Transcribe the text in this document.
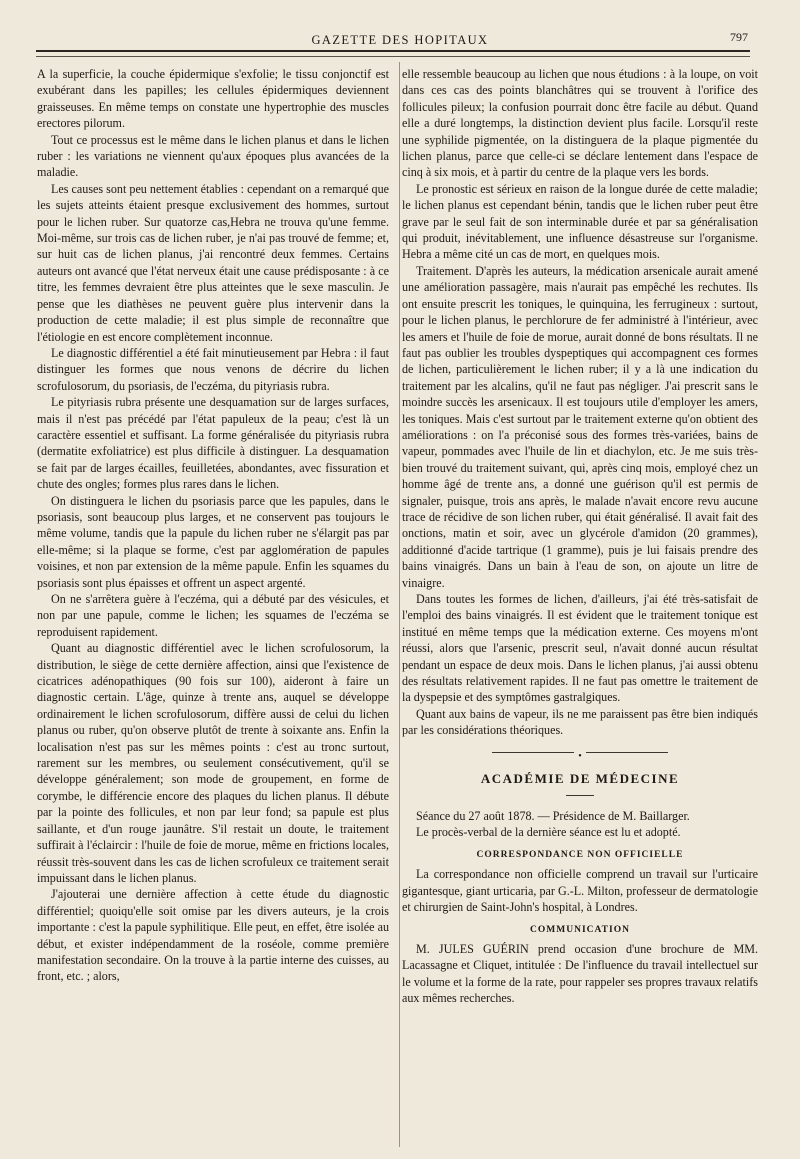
GAZETTE DES HOPITAUX	797

A la superficie, la couche épidermique s'exfolie; le tissu conjonctif est exubérant dans les papilles; les cellules épidermiques deviennent graisseuses. En même temps on constate une hypertrophie des muscles erectores pilorum.

Tout ce processus est le même dans le lichen planus et dans le lichen ruber : les variations ne viennent qu'aux époques plus avancées de la maladie.

Les causes sont peu nettement établies : cependant on a remarqué que les sujets atteints étaient presque exclusivement des hommes, surtout pour le lichen ruber. Sur quatorze cas,Hebra ne trouva qu'une femme. Moi-même, sur trois cas de lichen ruber, je n'ai pas trouvé de femme; et, sur huit cas de lichen planus, j'ai rencontré deux femmes. Certains auteurs ont avancé que l'état nerveux était une cause prédisposante : à ce titre, les femmes devraient être plus atteintes que le sexe masculin. Je pense que les diathèses ne peuvent guère plus intervenir dans la production de cette maladie; il est plus simple de reconnaître que l'étiologie en est encore complètement inconnue.

Le diagnostic différentiel a été fait minutieusement par Hebra : il faut distinguer les formes que nous venons de décrire du lichen scrofulosorum, du psoriasis, de l'eczéma, du pityriasis rubra.

Le pityriasis rubra présente une desquamation sur de larges surfaces, mais il n'est pas précédé par l'état papuleux de la peau; c'est là un caractère essentiel et suffisant. La forme généralisée du pityriasis rubra (dermatite exfoliatrice) est plus difficile à distinguer. La desquamation se fait par de larges écailles, feuilletées, abondantes, avec fissuration et chute des ongles; formes plus rares dans le lichen.

On distinguera le lichen du psoriasis parce que les papules, dans le psoriasis, sont beaucoup plus larges, et ne conservent pas toujours le même volume, tandis que la papule du lichen ruber ne s'élargit pas par elle-même; si la plaque se forme, c'est par agglomération de papules voisines, et non par extension de la même papule. Enfin les squames du psoriasis sont plus épaisses et offrent un aspect argenté.

On ne s'arrêtera guère à l'eczéma, qui a débuté par des vésicules, et non par une papule, comme le lichen; les squames de l'eczéma se reproduisent rapidement.

Quant au diagnostic différentiel avec le lichen scrofulosorum, la distribution, le siège de cette dernière affection, ainsi que l'existence de cicatrices adénopathiques (90 fois sur 100), aideront à faire un diagnostic certain. L'âge, quinze à trente ans, auquel se développe ordinairement le lichen scrofulosorum, diffère aussi de celui du lichen planus ou ruber, qu'on observe plutôt de trente à soixante ans. Enfin la localisation n'est pas sur les mêmes points : c'est au tronc surtout, rarement sur les membres, ou seulement consécutivement, qu'il se développe généralement; son mode de groupement, en forme de corymbe, le différencie encore des plaques du lichen planus. Il débute par la pointe des follicules, et non par leur fond; sa papule est plus saillante, et d'un rouge jaunâtre. S'il restait un doute, le traitement suffirait à l'éclaircir : l'huile de foie de morue, même en frictions locales, réussit très-souvent dans les cas de lichen scrofuleux ce traitement serait impuissant dans le lichen planus.

J'ajouterai une dernière affection à cette étude du diagnostic différentiel; quoiqu'elle soit omise par les divers auteurs, je la crois importante : c'est la papule syphilitique. Elle peut, en effet, être isolée au début, et exister indépendamment de la roséole, comme première manifestation secondaire. On la trouve à la partie interne des cuisses, au front, etc. ; alors,

elle ressemble beaucoup au lichen que nous étudions : à la loupe, on voit dans ces cas des points blanchâtres qui se trouvent à l'orifice des follicules pileux; la confusion pourrait donc être facile au début. Quand elle a duré longtemps, la distinction devient plus facile. Lorsqu'il reste une syphilide pigmentée, on la distinguera de la plaque pigmentée du lichen planus, parce que celle-ci se déclare lentement dans l'espace de cinq à six mois, et à partir du centre de la plaque vers les bords.

Le pronostic est sérieux en raison de la longue durée de cette maladie; le lichen planus est cependant bénin, tandis que le lichen ruber peut être grave par le seul fait de son interminable durée et par sa généralisation qui produit, inévitablement, une influence désastreuse sur l'organisme. Hebra a même cité un cas de mort, en quelques mois.

Traitement. D'après les auteurs, la médication arsenicale aurait amené une amélioration passagère, mais n'aurait pas empêché les rechutes. Ils ont ensuite prescrit les toniques, le quinquina, les ferrugineux : surtout, pour le lichen planus, le perchlorure de fer administré à l'intérieur, avec les amers et l'huile de foie de morue, aurait donné de bons résultats. Il ne faut pas oublier les troubles dyspeptiques qui accompagnent ces formes de lichen, particulièrement le lichen ruber; il y a là une indication du traitement par les alcalins, qu'il ne faut pas négliger. J'ai prescrit sans le moindre succès les arsenicaux. Il est toujours utile d'employer les amers, les toniques. Mais c'est surtout par le traitement externe qu'on obtient des améliorations : on l'a préconisé sous des formes très-variées, bains de vapeur, pommades avec l'huile de lin et diachylon, etc. Je me suis très-bien trouvé du traitement suivant, qui, après cinq mois, employé chez un homme âgé de trente ans, a donné une guérison qu'il est permis de signaler, puisque, trois ans après, le malade n'avait encore revu aucune trace de récidive de son lichen ruber, qui était généralisé. Il avait fait des onctions, matin et soir, avec un glycérole d'amidon (20 grammes), additionné d'acide tartrique (1 gramme), puis je lui faisais prendre des bains vinaigrés. Dans un bain à l'eau de son, on ajoute un litre de vinaigre.

Dans toutes les formes de lichen, d'ailleurs, j'ai été très-satisfait de l'emploi des bains vinaigrés. Il est évident que le traitement tonique est institué en même temps que la médication externe. Ces moyens m'ont réussi, alors que l'arsenic, prescrit seul, n'avait donné aucun résultat pendant un espace de deux mois. Dans le lichen planus, j'ai aussi obtenu des résultats relativement rapides. Il ne faut pas omettre le traitement de la dyspepsie et des symptômes gastralgiques.

Quant aux bains de vapeur, ils ne me paraissent pas être bien indiqués par les considérations théoriques.

•
ACADÉMIE DE MÉDECINE

Séance du 27 août 1878. — Présidence de M. Baillarger.

Le procès-verbal de la dernière séance est lu et adopté.

CORRESPONDANCE NON OFFICIELLE

La correspondance non officielle comprend un travail sur l'urticaire gigantesque, giant urticaria, par G.-L. Milton, professeur de dermatologie et chirurgien de Saint-John's hospital, à Londres.

COMMUNICATION

M. JULES GUÉRIN prend occasion d'une brochure de MM. Lacassagne et Cliquet, intitulée : De l'influence du travail intellectuel sur le volume et la forme de la rate, pour rappeler ses propres travaux relatifs aux mêmes recherches.
